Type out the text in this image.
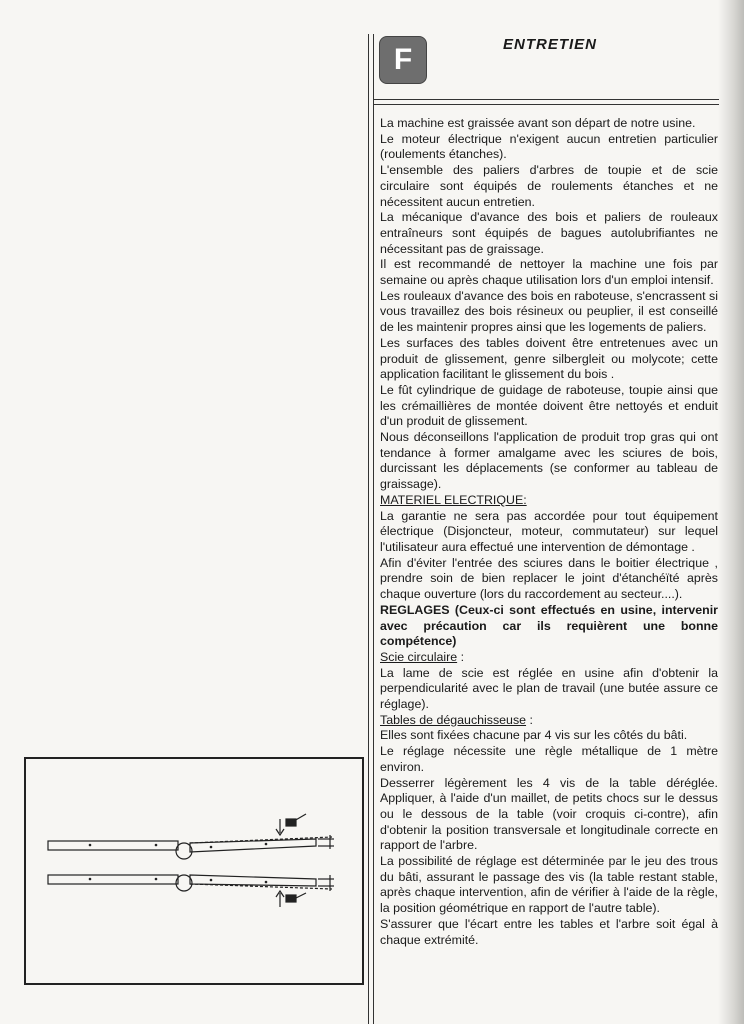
F	ENTRETIEN

La machine est graissée avant son départ de notre usine.

Le moteur électrique n'exigent aucun entretien particulier (roulements étanches).

L'ensemble des paliers d'arbres de toupie et de scie circulaire sont équipés de roulements étanches et ne nécessitent aucun entretien.

La mécanique d'avance des bois et paliers de rouleaux entraîneurs sont équipés de bagues autolubrifiantes ne nécessitant pas de graissage.

Il est recommandé de nettoyer la machine une fois par semaine ou après chaque utilisation lors d'un emploi intensif.

Les rouleaux d'avance des bois en raboteuse, s'encrassent si vous travaillez des bois résineux ou peuplier, il est conseillé de les maintenir propres ainsi que les logements de paliers.

Les surfaces des tables doivent être entretenues avec un produit de glissement, genre silbergleit ou molycote; cette application facilitant le glissement du bois .

Le fût cylindrique de guidage de raboteuse, toupie ainsi que les crémaillières de montée doivent être nettoyés et enduit d'un produit de glissement.

Nous déconseillons l'application de produit trop gras qui ont tendance à former amalgame avec les sciures de bois, durcissant les déplacements (se conformer au tableau de graissage).

MATERIEL ELECTRIQUE:

La garantie ne sera pas accordée pour tout équipement électrique (Disjoncteur, moteur, commutateur) sur lequel l'utilisateur aura effectué une intervention de démontage .

Afin d'éviter l'entrée des sciures dans le boitier électrique , prendre soin de bien replacer le joint d'étanchéïté après chaque ouverture (lors du raccordement au secteur....).

REGLAGES (Ceux-ci sont effectués en usine, intervenir avec précaution car ils requièrent une bonne compétence)

Scie circulaire :

La lame de scie est réglée en usine afin d'obtenir la perpendicularité avec le plan de travail (une butée assure ce réglage).

Tables de dégauchisseuse :

Elles sont fixées chacune par 4 vis sur les côtés du bâti.

Le réglage nécessite une règle métallique de 1 mètre environ.

Desserrer légèrement les 4 vis de la table déréglée. Appliquer, à l'aide d'un maillet, de petits chocs sur le dessus ou le dessous de la table (voir croquis ci-contre), afin d'obtenir la position transversale et longitudinale correcte en rapport de l'arbre.

La possibilité de réglage est déterminée par le jeu des trous du bâti, assurant le passage des vis (la table restant stable, après chaque intervention, afin de vérifier à l'aide de la règle, la position géométrique en rapport de l'autre table).

S'assurer que l'écart entre les tables et l'arbre soit égal à chaque extrémité.
